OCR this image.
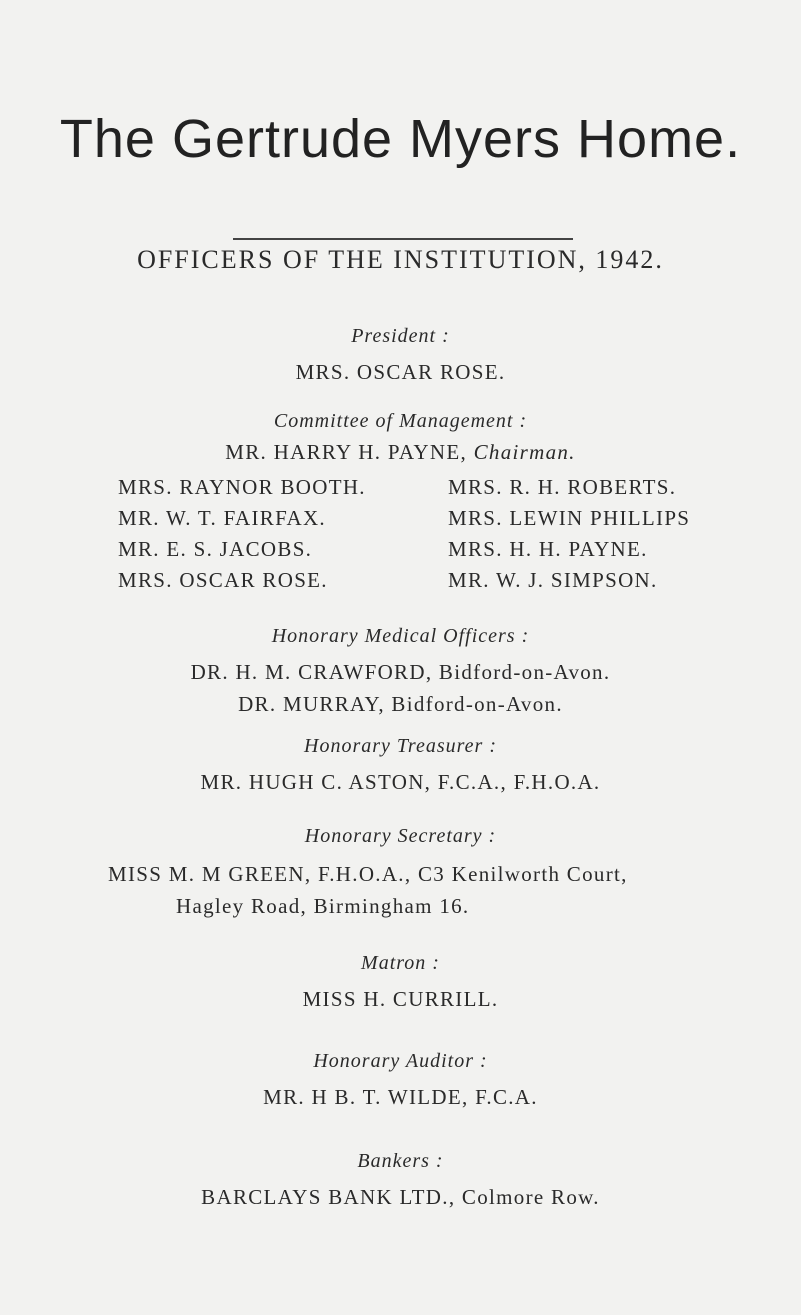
The Gertrude Myers Home.
OFFICERS OF THE INSTITUTION, 1942.
President :
MRS. OSCAR ROSE.
Committee of Management :
MR. HARRY H. PAYNE, Chairman.
MRS. RAYNOR BOOTH.	MRS. R. H. ROBERTS.
MR. W. T. FAIRFAX.	MRS. LEWIN PHILLIPS
MR. E. S. JACOBS.	MRS. H. H. PAYNE.
MRS. OSCAR ROSE.	MR. W. J. SIMPSON.
Honorary Medical Officers :
DR. H. M. CRAWFORD, Bidford-on-Avon.
DR. MURRAY, Bidford-on-Avon.
Honorary Treasurer :
MR. HUGH C. ASTON, F.C.A., F.H.O.A.
Honorary Secretary :
MISS M. M GREEN, F.H.O.A., C3 Kenilworth Court,
Hagley Road, Birmingham 16.
Matron :
MISS H. CURRILL.
Honorary Auditor :
MR. H B. T. WILDE, F.C.A.
Bankers :
BARCLAYS BANK LTD., Colmore Row.
